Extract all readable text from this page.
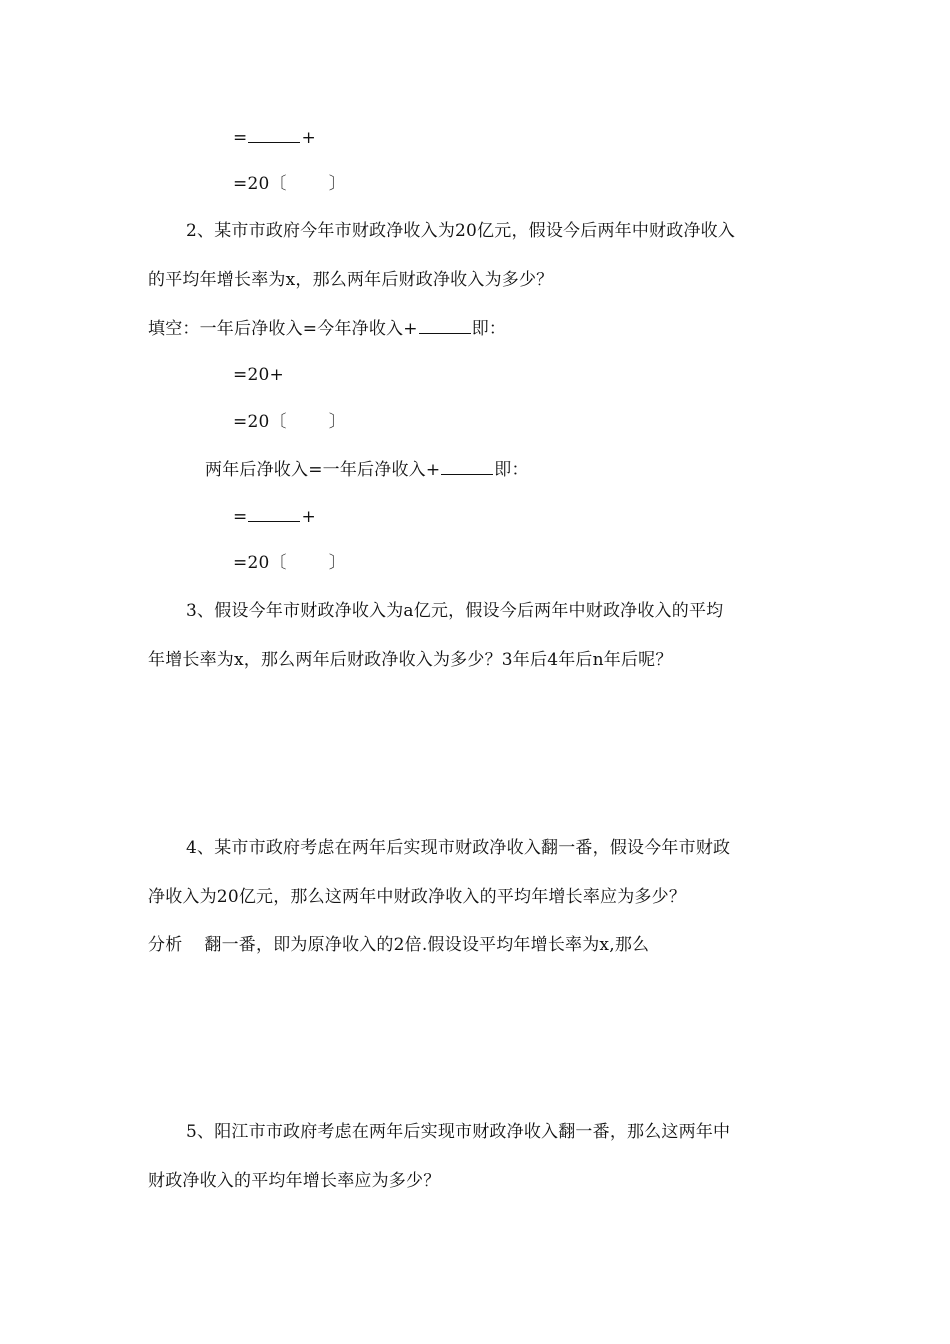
=	+
=20〔 〕
2、某市市政府今年市财政净收入为20亿元，假设今后两年中财政净收入
的平均年增长率为x，那么两年后财政净收入为多少？
填空：一年后净收入=今年净收入+	即：
=20+
=20〔 〕
两年后净收入=一年后净收入+	即：
=	+
=20〔 〕
3、假设今年市财政净收入为a亿元，假设今后两年中财政净收入的平均
年增长率为x，那么两年后财政净收入为多少？3年后4年后n年后呢？
4、某市市政府考虑在两年后实现市财政净收入翻一番，假设今年市财政
净收入为20亿元，那么这两年中财政净收入的平均年增长率应为多少？
分析 翻一番，即为原净收入的2倍.假设设平均年增长率为x,那么
5、阳江市市政府考虑在两年后实现市财政净收入翻一番，那么这两年中
财政净收入的平均年增长率应为多少？
